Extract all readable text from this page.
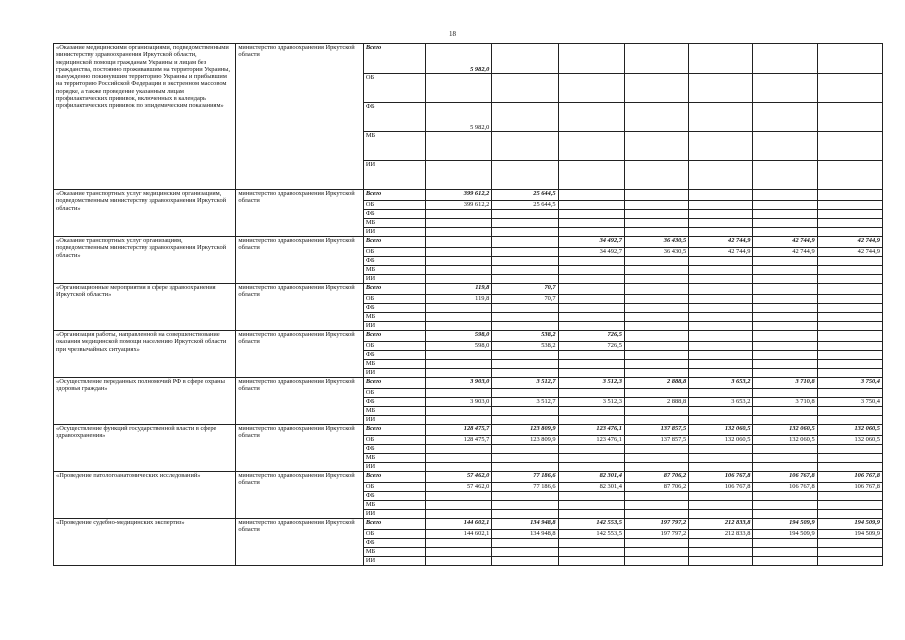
18
«Оказание медицинскими организациями, подведомственными министерству здравоохранения Иркутской области, медицинской помощи гражданам Украины и лицам без гражданства, постоянно проживавшим на территории Украины, вынужденно покинувшим территорию Украины и прибывшим на территорию Российской Федерации в экстренном массовом порядке, а также проведение указанным лицам профилактических прививок, включенных в календарь профилактических прививок по эпидемическим показаниям»	министерство здравоохранения Иркутской области	Всего	5 982,0						
		ОБ							
		ФБ	5 982,0						
		МБ							
		ИИ							
«Оказание транспортных услуг медицинским организациям, подведомственным министерству здравоохранения Иркутской области»	министерство здравоохранения Иркутской области	Всего	399 612,2	25 644,5					
		ОБ	399 612,2	25 644,5					
		ФБ							
		МБ							
		ИИ							
«Оказание транспортных услуг организациям, подведомственным министерству здравоохранения Иркутской области»	министерство здравоохранения Иркутской области	Всего			34 492,7	36 430,5	42 744,9	42 744,9	42 744,9
		ОБ			34 492,7	36 430,5	42 744,9	42 744,9	42 744,9
		ФБ							
		МБ							
		ИИ							
«Организационные мероприятия в сфере здравоохранения Иркутской области»	министерство здравоохранения Иркутской области	Всего	119,8	70,7					
		ОБ	119,8	70,7					
		ФБ							
		МБ							
		ИИ							
«Организация работы, направленной на совершенствование оказания медицинской помощи населению Иркутской области при чрезвычайных ситуациях»	министерство здравоохранения Иркутской области	Всего	598,0	538,2	726,5				
		ОБ	598,0	538,2	726,5				
		ФБ							
		МБ							
		ИИ							
«Осуществление переданных полномочий РФ в сфере охраны здоровья граждан»	министерство здравоохранения Иркутской области	Всего	3 903,0	3 512,7	3 512,3	2 888,8	3 653,2	3 710,8	3 750,4
		ОБ							
		ФБ	3 903,0	3 512,7	3 512,3	2 888,8	3 653,2	3 710,8	3 750,4
		МБ							
		ИИ							
«Осуществление функций государственной власти в сфере здравоохранения»	министерство здравоохранения Иркутской области	Всего	128 475,7	123 809,9	123 476,1	137 857,5	132 060,5	132 060,5	132 060,5
		ОБ	128 475,7	123 809,9	123 476,1	137 857,5	132 060,5	132 060,5	132 060,5
		ФБ							
		МБ							
		ИИ							
«Проведение патологоанатомических исследований»	министерство здравоохранения Иркутской области	Всего	57 462,0	77 186,6	82 301,4	87 706,2	106 767,8	106 767,8	106 767,8
		ОБ	57 462,0	77 186,6	82 301,4	87 706,2	106 767,8	106 767,8	106 767,8
		ФБ							
		МБ							
		ИИ							
«Проведение судебно-медицинских экспертиз»	министерство здравоохранения Иркутской области	Всего	144 602,1	134 948,8	142 553,5	197 797,2	212 833,8	194 509,9	194 509,9
		ОБ	144 602,1	134 948,8	142 553,5	197 797,2	212 833,8	194 509,9	194 509,9
		ФБ							
		МБ							
		ИИ							
